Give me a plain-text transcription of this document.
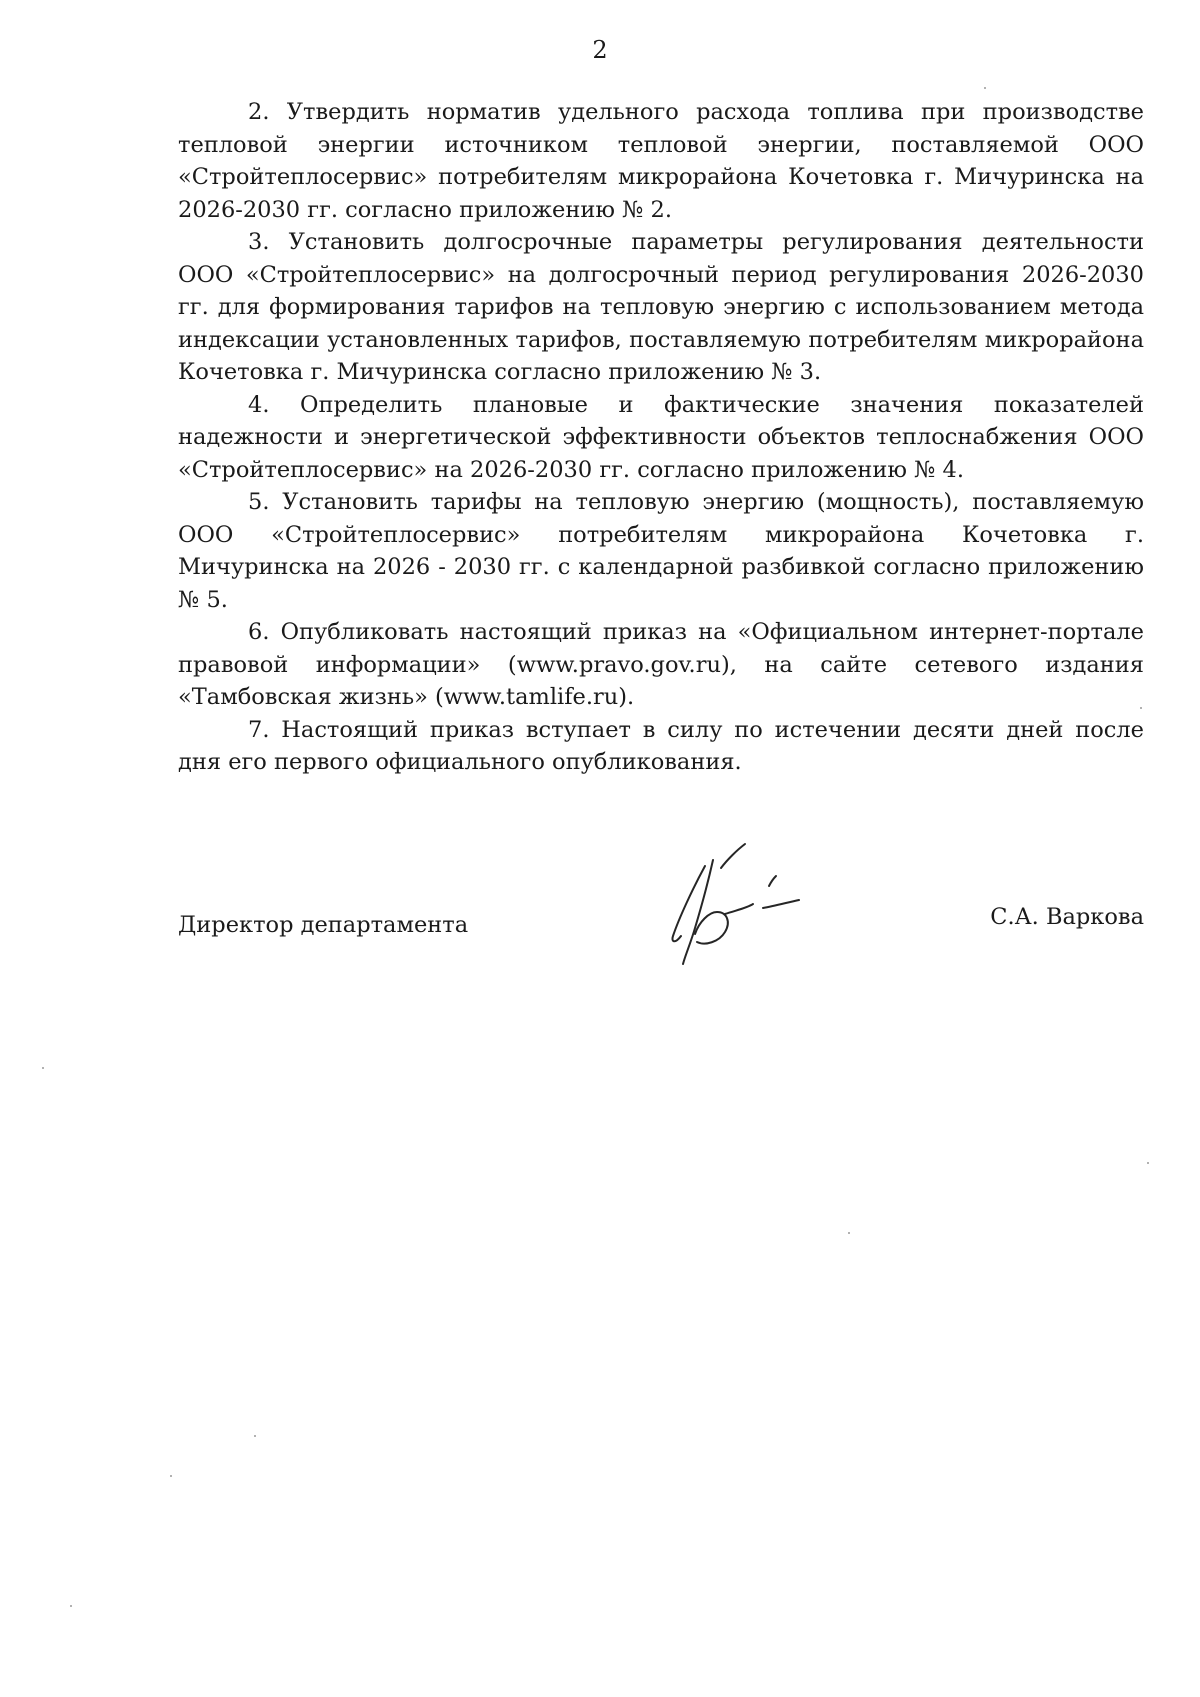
2

2. Утвердить норматив удельного расхода топлива при производстве тепловой энергии источником тепловой энергии, поставляемой ООО «Стройтеплосервис» потребителям микрорайона Кочетовка г. Мичуринска на 2026-2030 гг. согласно приложению № 2.

3. Установить долгосрочные параметры регулирования деятельности ООО «Стройтеплосервис» на долгосрочный период регулирования 2026-2030 гг. для формирования тарифов на тепловую энергию с использованием метода индексации установленных тарифов, поставляемую потребителям микрорайона Кочетовка г. Мичуринска согласно приложению № 3.

4. Определить плановые и фактические значения показателей надежности и энергетической эффективности объектов теплоснабжения ООО «Стройтеплосервис» на 2026-2030 гг. согласно приложению № 4.

5. Установить тарифы на тепловую энергию (мощность), поставляемую ООО «Стройтеплосервис» потребителям микрорайона Кочетовка г. Мичуринска на 2026 - 2030 гг. с календарной разбивкой согласно приложению № 5.

6. Опубликовать настоящий приказ на «Официальном интернет-портале правовой информации» (www.pravo.gov.ru), на сайте сетевого издания «Тамбовская жизнь» (www.tamlife.ru).

7. Настоящий приказ вступает в силу по истечении десяти дней после дня его первого официального опубликования.

Директор департамента	С.А. Варкова
